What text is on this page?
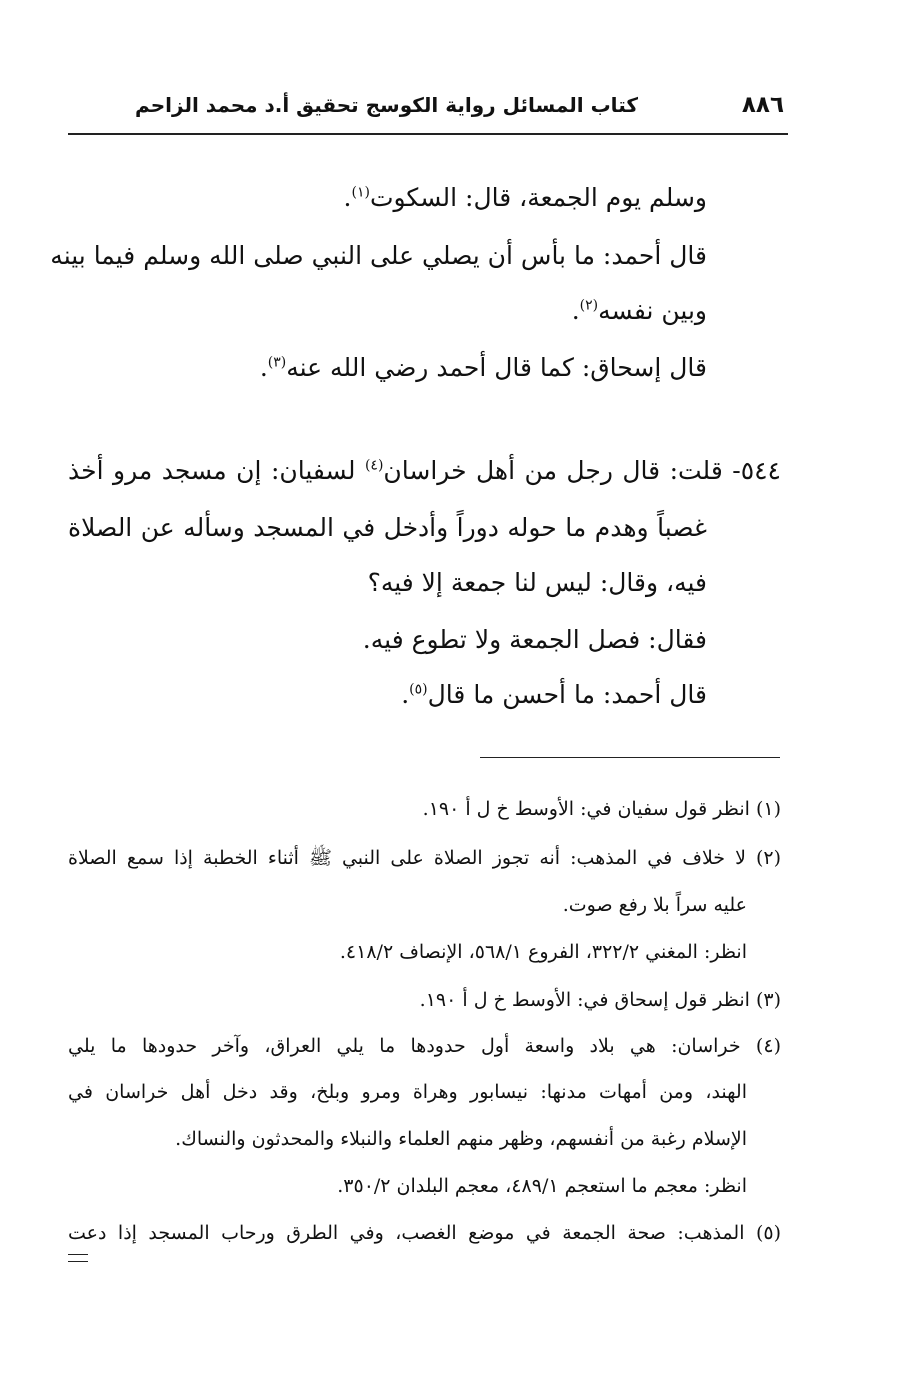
٨٨٦
كتاب المسائل رواية الكوسج تحقيق أ.د محمد الزاحم
وسلم يوم الجمعة، قال: السكوت$^{(١)}$.
قال أحمد: ما بأس أن يصلي على النبي صلى الله وسلم فيما بينه
وبين نفسه$^{(٢)}$.
قال إسحاق: كما قال أحمد رضي الله عنه$^{(٣)}$.
٥٤٤- قلت: قال رجل من أهل خراسان$^{(٤)}$ لسفيان: إن مسجد مرو أخذ
غصباً وهدم ما حوله دوراً وأدخل في المسجد وسأله عن الصلاة
فيه، وقال: ليس لنا جمعة إلا فيه؟
فقال: فصل الجمعة ولا تطوع فيه.
قال أحمد: ما أحسن ما قال$^{(٥)}$.
(١) انظر قول سفيان في: الأوسط خ ل أ ١٩٠.
(٢) لا خلاف في المذهب: أنه تجوز الصلاة على النبي ﷺ أثناء الخطبة إذا سمع الصلاة
عليه سراً بلا رفع صوت.
انظر: المغني ٣٢٢/٢، الفروع ٥٦٨/١، الإنصاف ٤١٨/٢.
(٣) انظر قول إسحاق في: الأوسط خ ل أ ١٩٠.
(٤) خراسان: هي بلاد واسعة أول حدودها ما يلي العراق، وآخر حدودها ما يلي
الهند، ومن أمهات مدنها: نيسابور وهراة ومرو وبلخ، وقد دخل أهل خراسان في
الإسلام رغبة من أنفسهم، وظهر منهم العلماء والنبلاء والمحدثون والنساك.
انظر: معجم ما استعجم ٤٨٩/١، معجم البلدان ٣٥٠/٢.
(٥) المذهب: صحة الجمعة في موضع الغصب، وفي الطرق ورحاب المسجد إذا دعت
